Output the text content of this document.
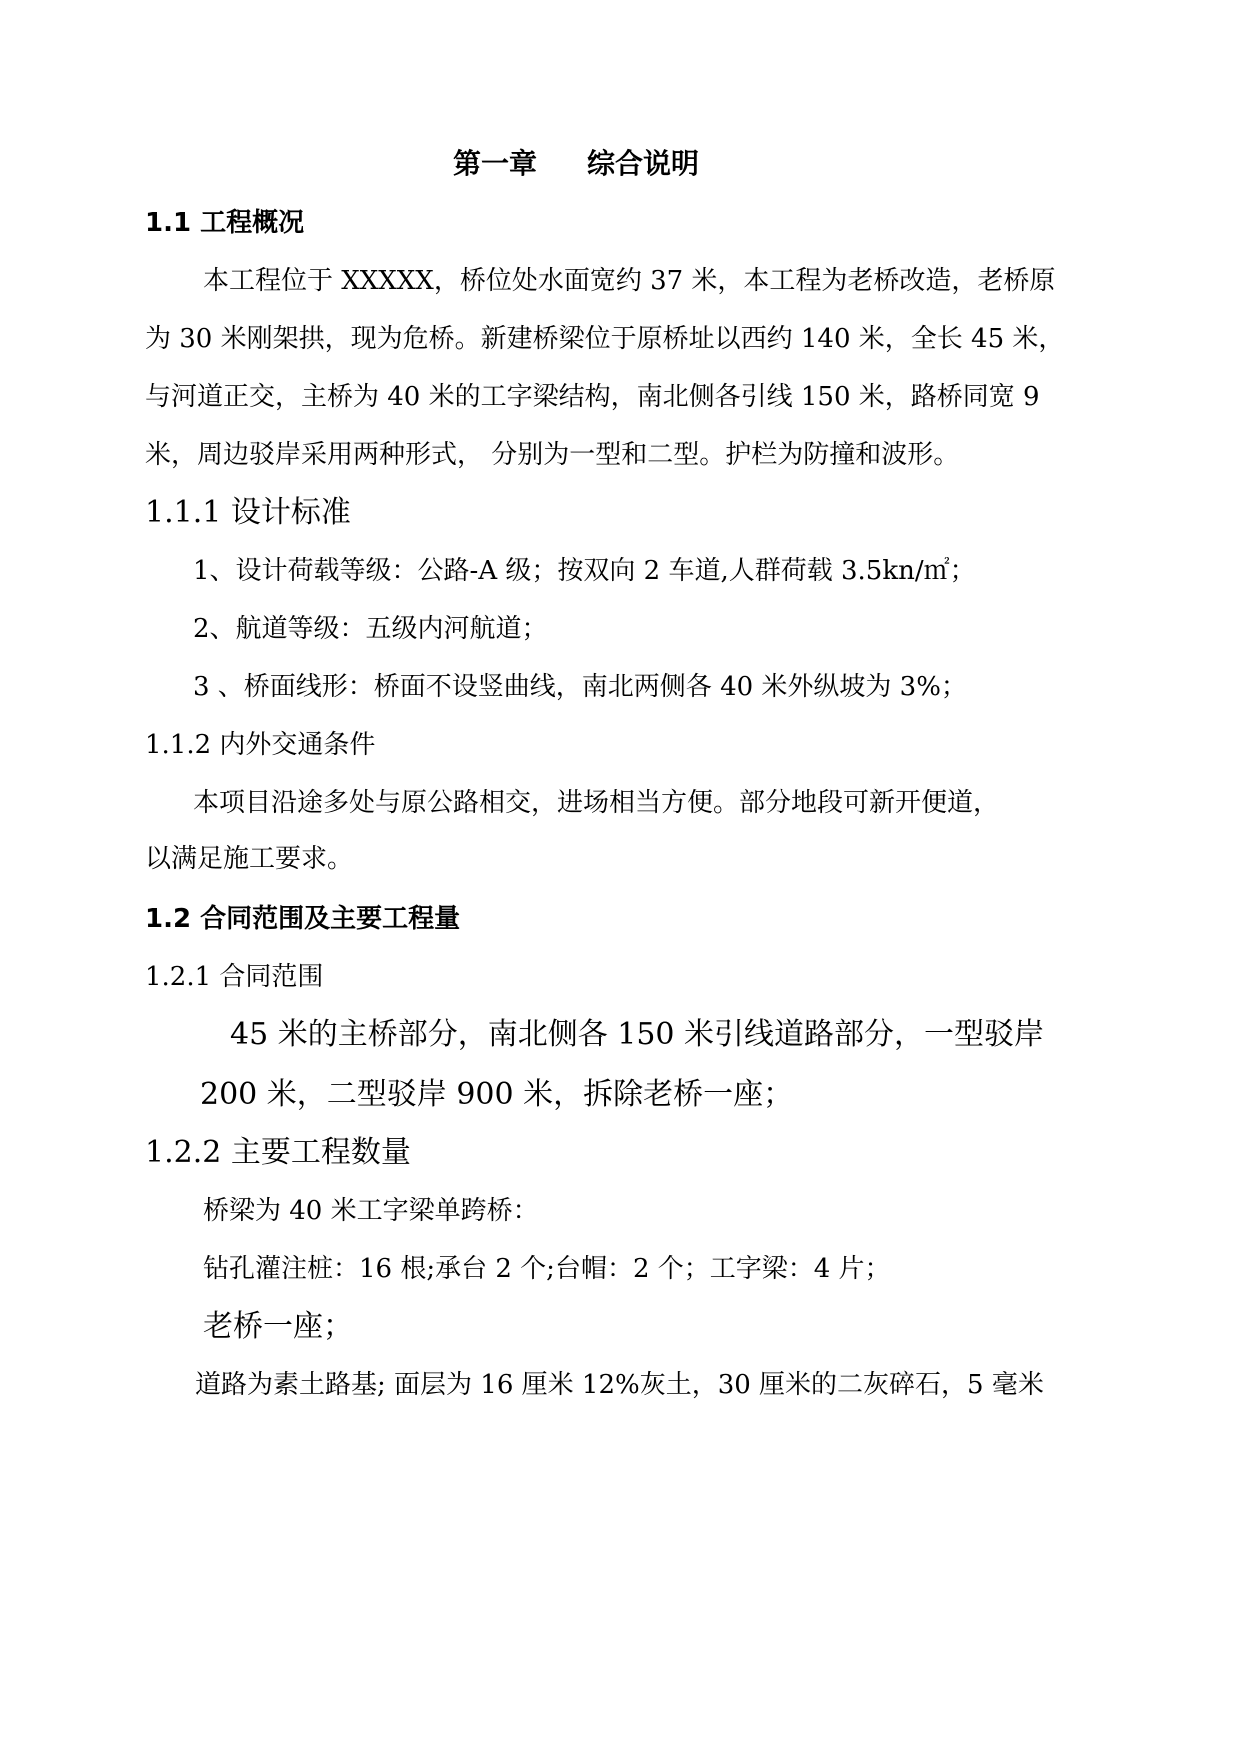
第一章 综合说明
1.1 工程概况
本工程位于 XXXXX，桥位处水面宽约 37 米，本工程为老桥改造，老桥原
为 30 米刚架拱，现为危桥。新建桥梁位于原桥址以西约 140 米，全长 45 米，
与河道正交，主桥为 40 米的工字梁结构，南北侧各引线 150 米，路桥同宽 9
米，周边驳岸采用两种形式， 分别为一型和二型。护栏为防撞和波形。
1.1.1 设计标准
1、设计荷载等级：公路-A 级；按双向 2 车道,人群荷载 3.5kn/㎡；
2、航道等级：五级内河航道；
3 、桥面线形：桥面不设竖曲线，南北两侧各 40 米外纵坡为 3%；
1.1.2 内外交通条件
本项目沿途多处与原公路相交，进场相当方便。部分地段可新开便道，
以满足施工要求。
1.2 合同范围及主要工程量
1.2.1 合同范围
45 米的主桥部分，南北侧各 150 米引线道路部分，一型驳岸
200 米，二型驳岸 900 米，拆除老桥一座；
1.2.2 主要工程数量
桥梁为 40 米工字梁单跨桥：
钻孔灌注桩：16 根;承台 2 个;台帽：2 个；工字梁：4 片；
老桥一座；
道路为素土路基; 面层为 16 厘米 12%灰土，30 厘米的二灰碎石，5 毫米
